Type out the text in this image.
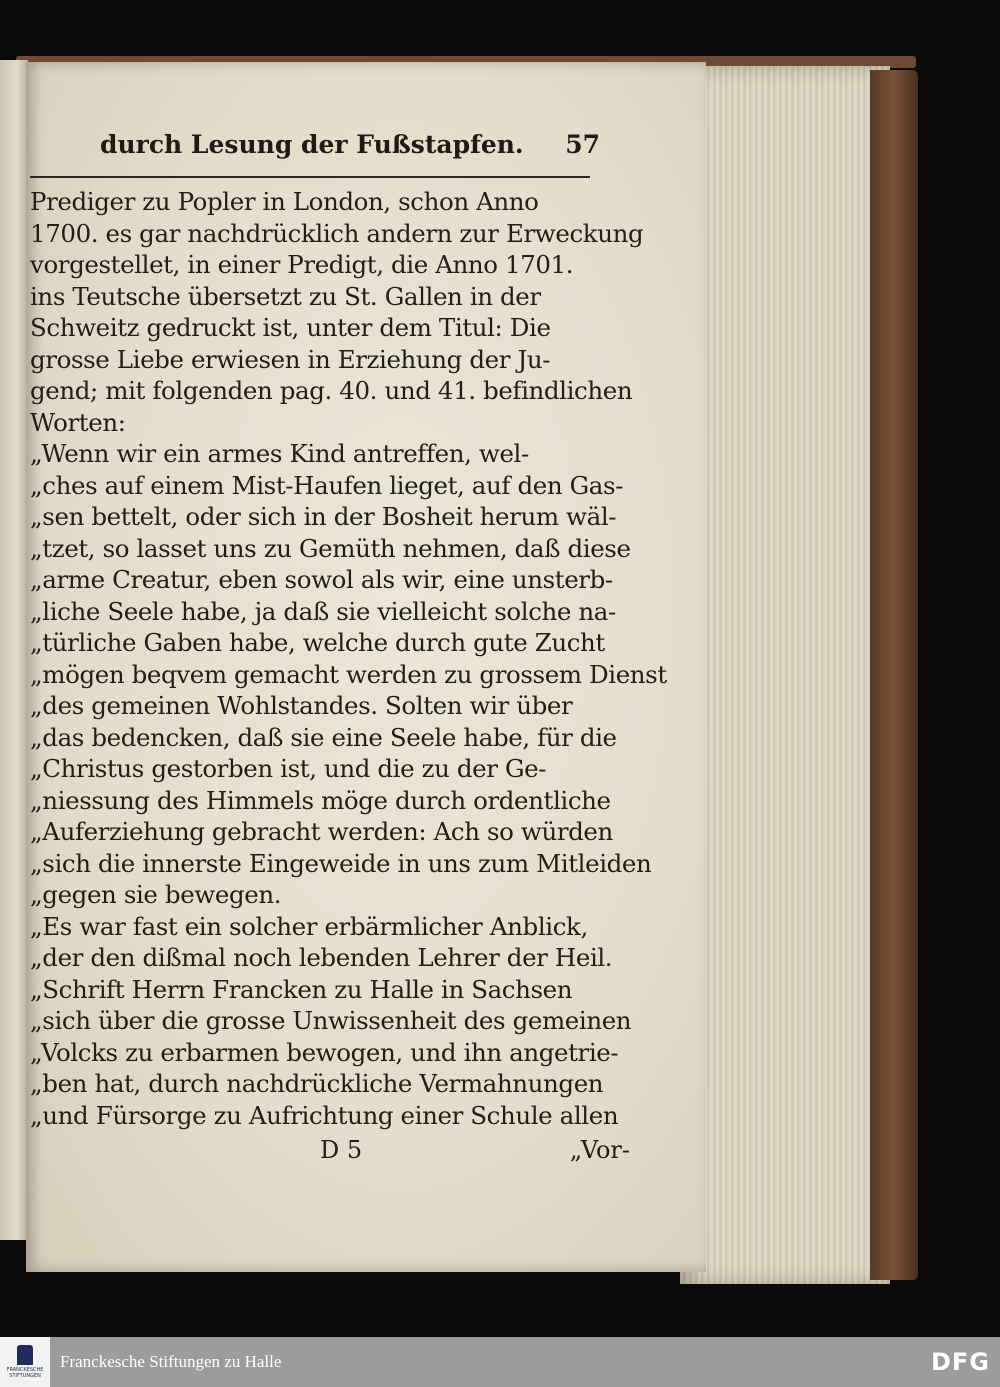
durch Lesung der Fußstapfen. 57
Prediger zu Popler in London, schon Anno
1700. es gar nachdrücklich andern zur Erweckung
vorgestellet, in einer Predigt, die Anno 1701.
ins Teutsche übersetzt zu St. Gallen in der
Schweitz gedruckt ist, unter dem Titul: Die
grosse Liebe erwiesen in Erziehung der Ju-
gend; mit folgenden pag. 40. und 41. befindlichen
Worten:
„Wenn wir ein armes Kind antreffen, wel-
„ches auf einem Mist-Haufen lieget, auf den Gas-
„sen bettelt, oder sich in der Bosheit herum wäl-
„tzet, so lasset uns zu Gemüth nehmen, daß diese
„arme Creatur, eben sowol als wir, eine unsterb-
„liche Seele habe, ja daß sie vielleicht solche na-
„türliche Gaben habe, welche durch gute Zucht
„mögen beqvem gemacht werden zu grossem Dienst
„des gemeinen Wohlstandes. Solten wir über
„das bedencken, daß sie eine Seele habe, für die
„Christus gestorben ist, und die zu der Ge-
„niessung des Himmels möge durch ordentliche
„Auferziehung gebracht werden: Ach so würden
„sich die innerste Eingeweide in uns zum Mitleiden
„gegen sie bewegen.
„Es war fast ein solcher erbärmlicher Anblick,
„der den dißmal noch lebenden Lehrer der Heil.
„Schrift Herrn Francken zu Halle in Sachsen
„sich über die grosse Unwissenheit des gemeinen
„Volcks zu erbarmen bewogen, und ihn angetrie-
„ben hat, durch nachdrückliche Vermahnungen
„und Fürsorge zu Aufrichtung einer Schule allen
D 5	„Vor-
FRANCKESCHE STIFTUNGEN
Franckesche Stiftungen zu Halle	DFG
